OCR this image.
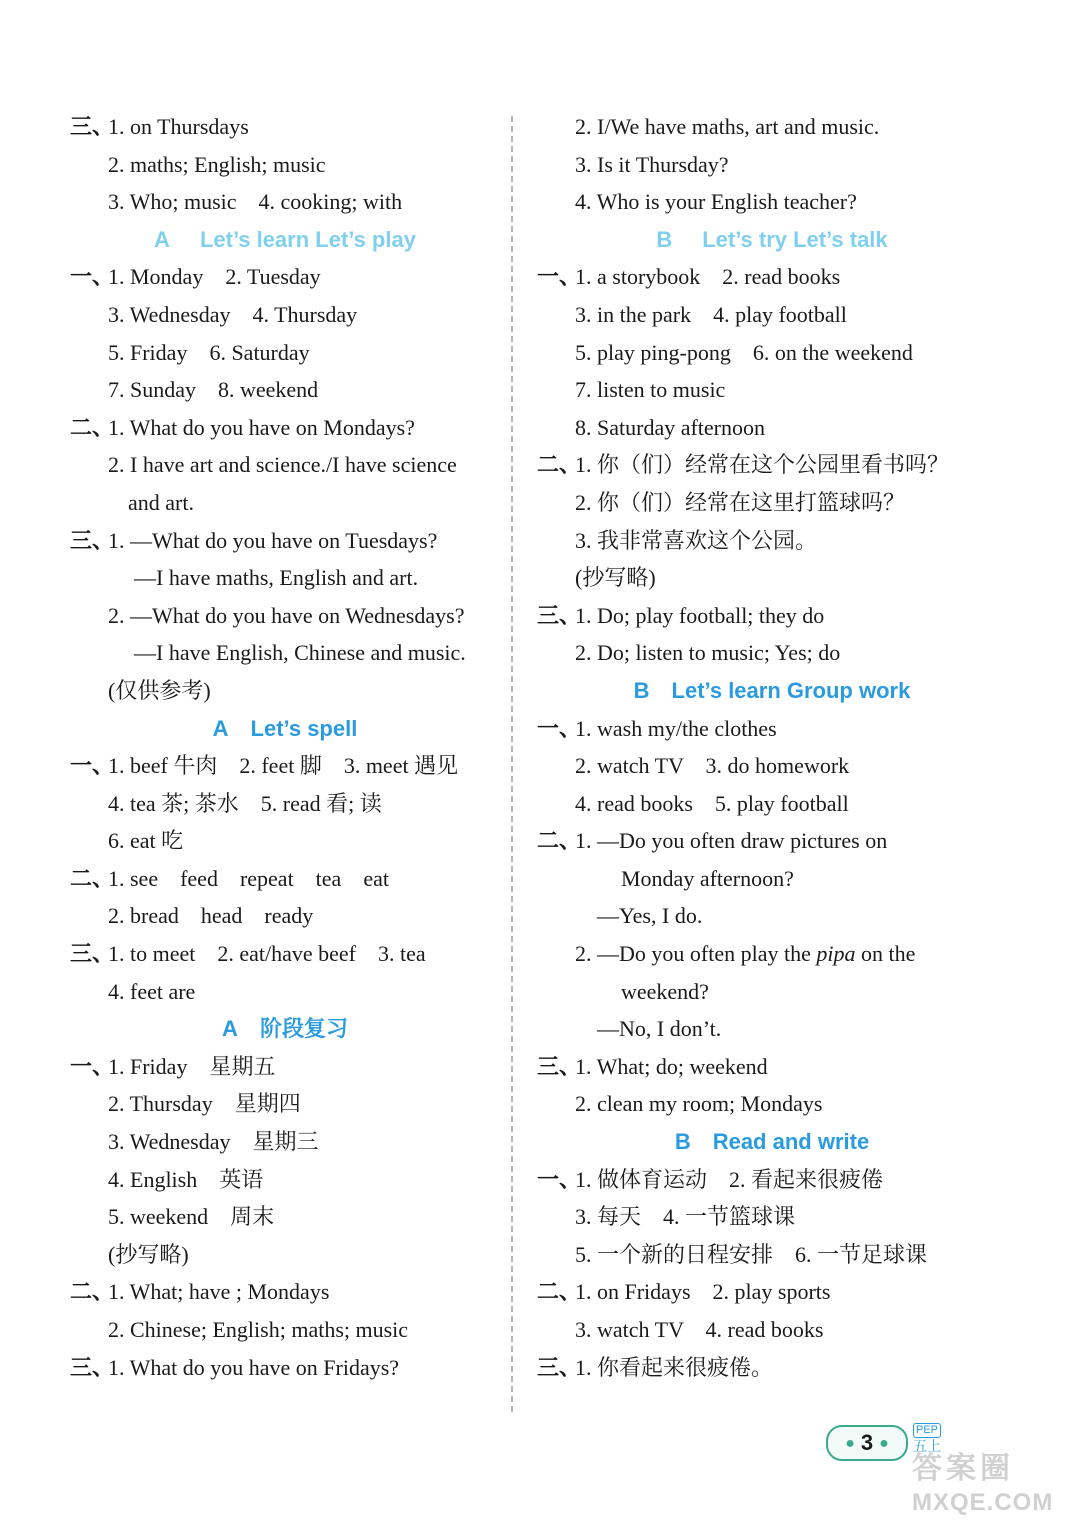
三、
1. on Thursdays
2. maths; English; music
3. Who; music    4. cooking; with
A Let’s learn Let’s play
一、
1. Monday    2. Tuesday
3. Wednesday    4. Thursday
5. Friday    6. Saturday
7. Sunday    8. weekend
二、
1. What do you have on Mondays?
2. I have art and science./I have science
and art.
三、
1. —What do you have on Tuesdays?
—I have maths, English and art.
2. —What do you have on Wednesdays?
—I have English, Chinese and music.
(仅供参考)
A Let’s spell
一、
1. beef 牛肉    2. feet 脚    3. meet 遇见
4. tea 茶; 茶水    5. read 看; 读
6. eat 吃
二、
1. see    feed    repeat    tea    eat
2. bread    head    ready
三、
1. to meet    2. eat/have beef    3. tea
4. feet are
A 阶段复习
一、
1. Friday    星期五
2. Thursday    星期四
3. Wednesday    星期三
4. English    英语
5. weekend    周末
(抄写略)
二、
1. What; have ; Mondays
2. Chinese; English; maths; music
三、
1. What do you have on Fridays?
2. I/We have maths, art and music.
3. Is it Thursday?
4. Who is your English teacher?
B Let’s try Let’s talk
一、
1. a storybook    2. read books
3. in the park    4. play football
5. play ping-pong    6. on the weekend
7. listen to music
8. Saturday afternoon
二、
1. 你（们）经常在这个公园里看书吗？
2. 你（们）经常在这里打篮球吗？
3. 我非常喜欢这个公园。
(抄写略)
三、
1. Do; play football; they do
2. Do; listen to music; Yes; do
B Let’s learn Group work
一、
1. wash my/the clothes
2. watch TV    3. do homework
4. read books    5. play football
二、
1. —Do you often draw pictures on
Monday afternoon?
—Yes, I do.
2. —Do you often play the pipa on the
weekend?
—No, I don’t.
三、
1. What; do; weekend
2. clean my room; Mondays
B Read and write
一、
1. 做体育运动    2. 看起来很疲倦
3. 每天    4. 一节篮球课
5. 一个新的日程安排    6. 一节足球课
二、
1. on Fridays    2. play sports
3. watch TV    4. read books
三、
1. 你看起来很疲倦。
● 3 ●
PEP
五上
答案圈
MXQE.COM
